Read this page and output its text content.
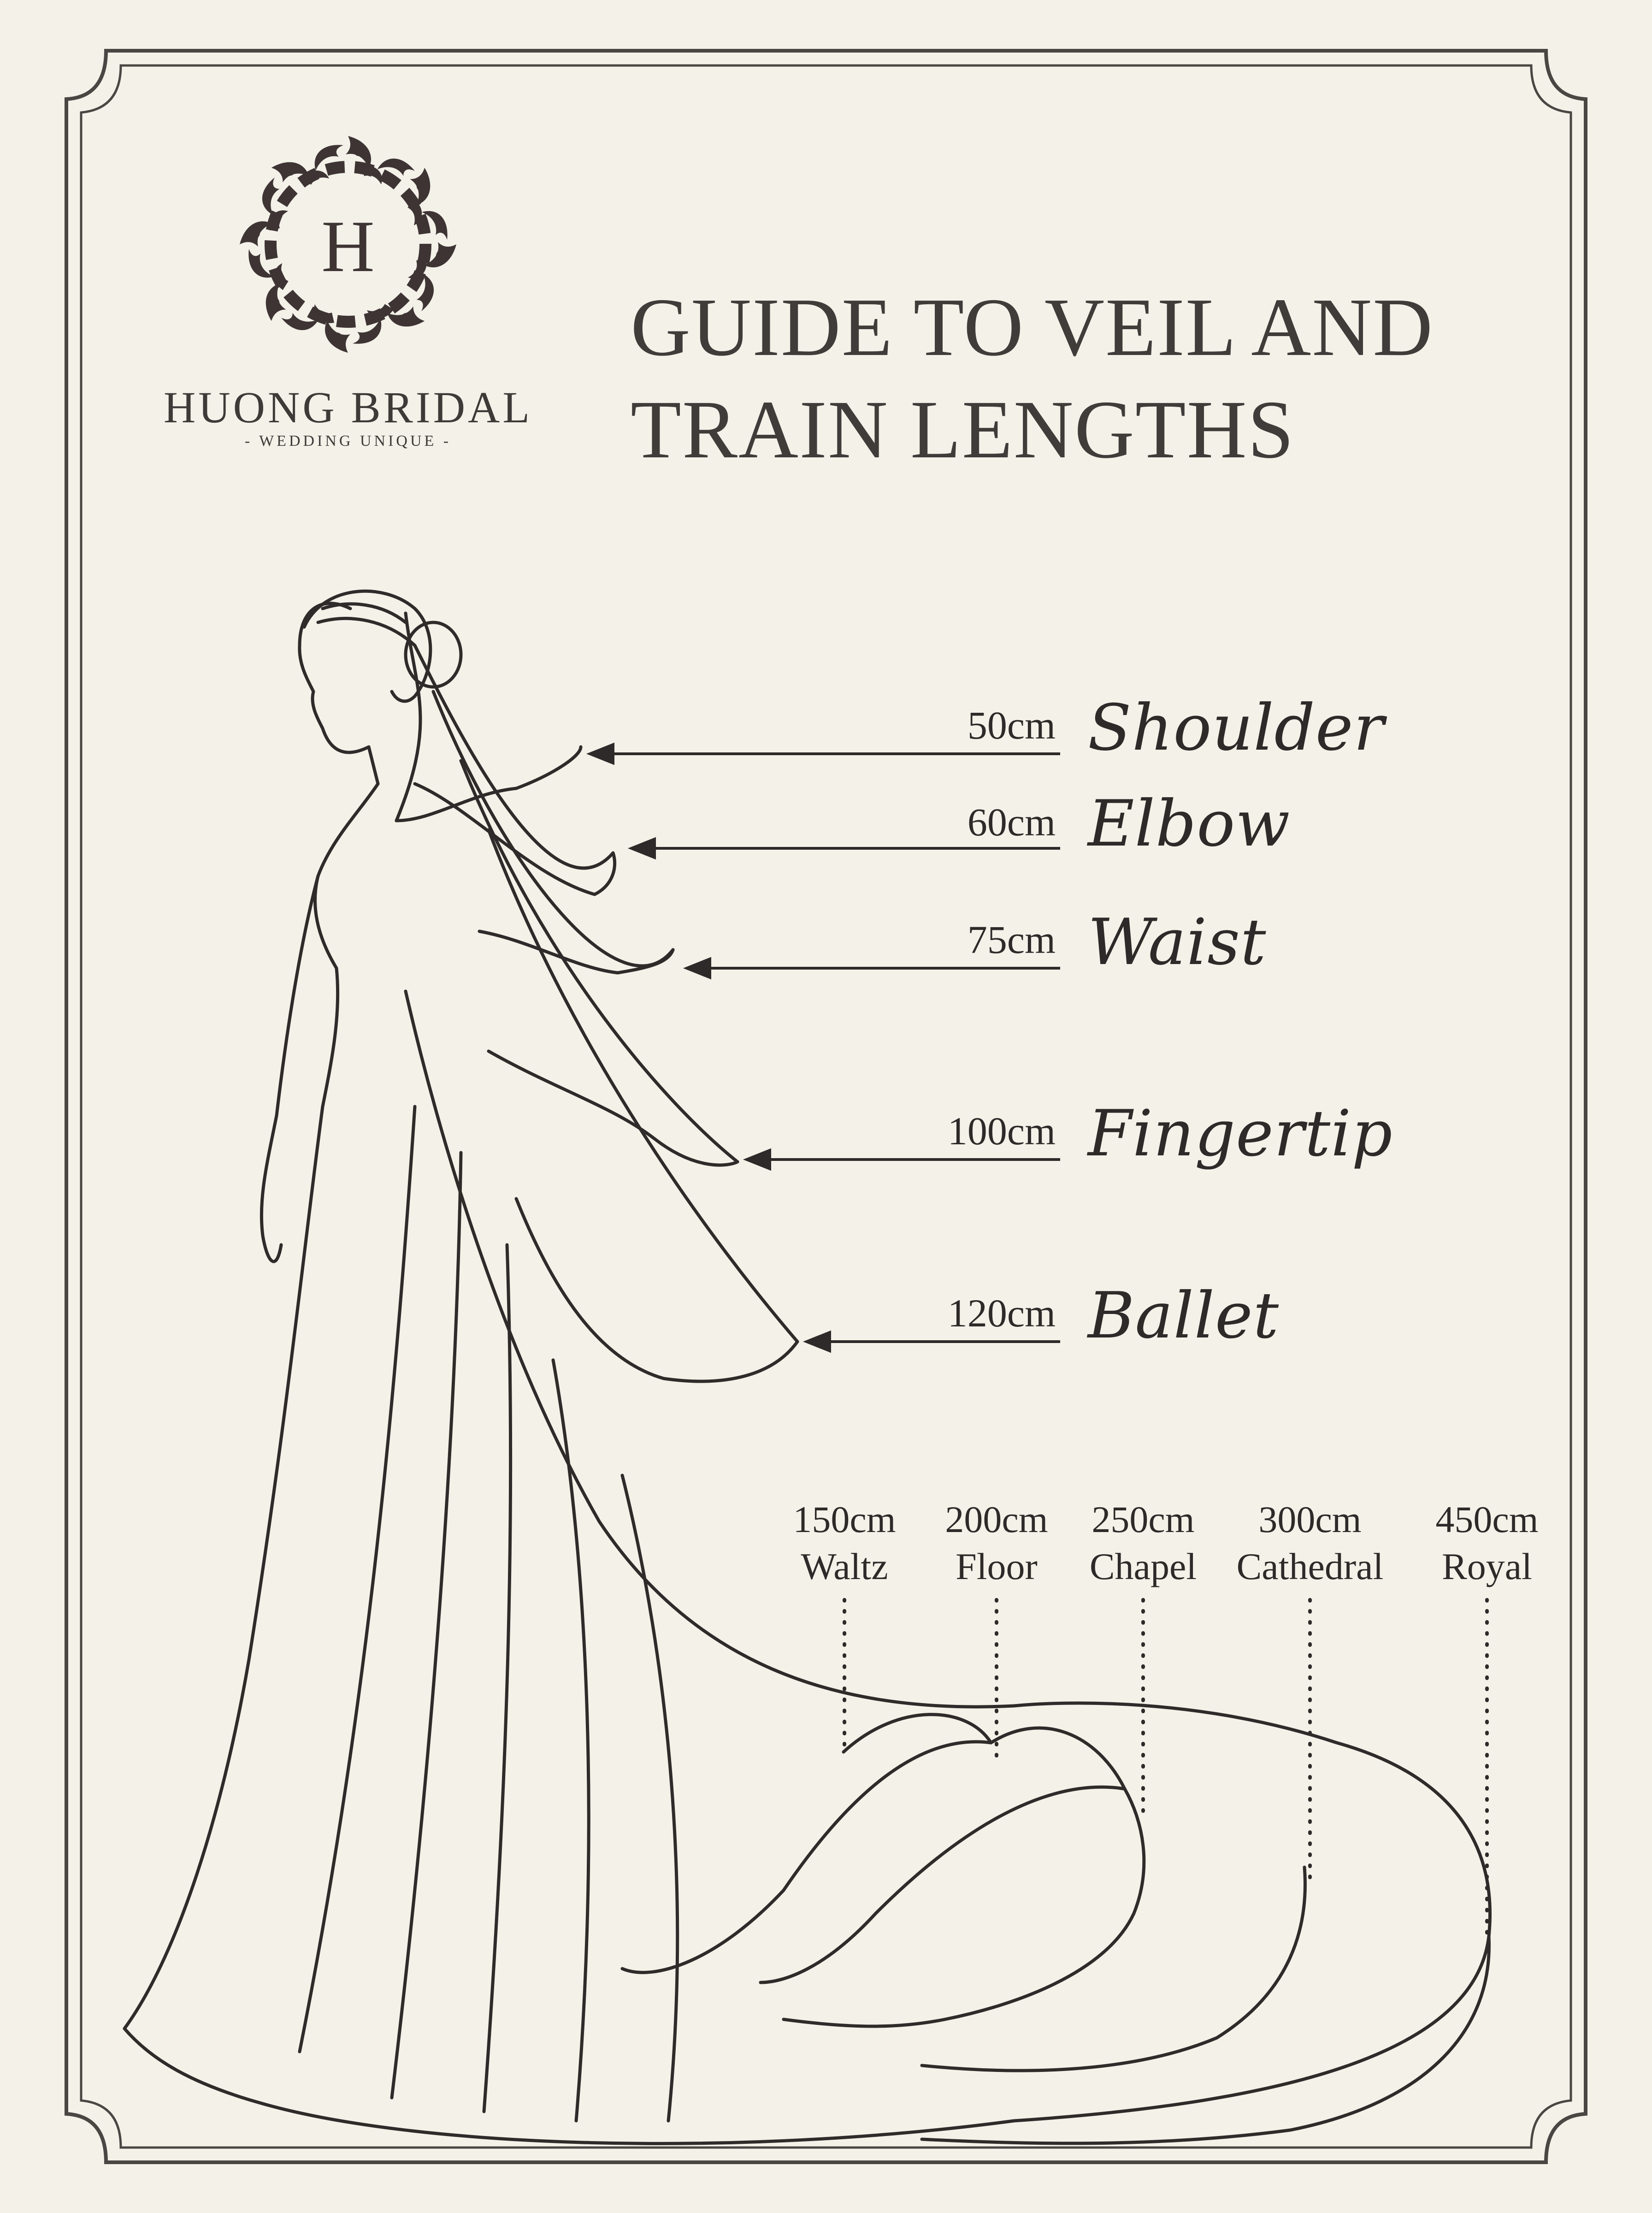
H

HUONG BRIDAL

- WEDDING UNIQUE -

GUIDE TO VEIL AND
TRAIN LENGTHS

50cm Shoulder

60cm Elbow

75cm Waist

100cm Fingertip

120cm Ballet

150cm

Waltz

200cm

Floor

250cm

Chapel

300cm

Cathedral

450cm

Royal
